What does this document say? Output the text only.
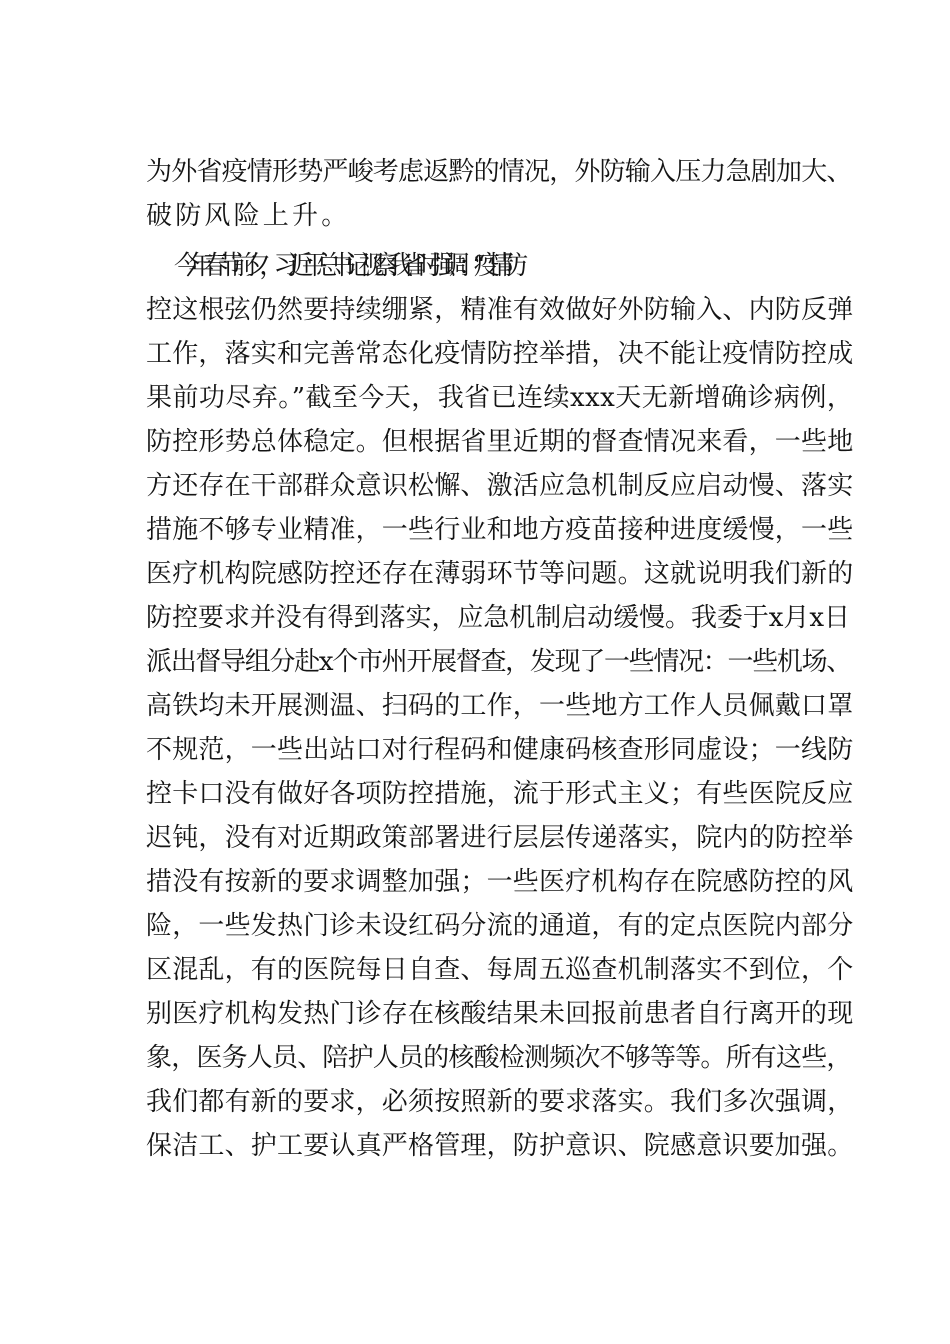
为外省疫情形势严峻考虑返黔的情况，外防输入压力急剧加大、
破防风险上升。
今年春节前夕，习近平总书记视察我省时强调：“疫情防
控这根弦仍然要持续绷紧，精准有效做好外防输入、内防反弹
工作，落实和完善常态化疫情防控举措，决不能让疫情防控成
果前功尽弃。”截至今天，我省已连续xxx天无新增确诊病例，
防控形势总体稳定。但根据省里近期的督查情况来看，一些地
方还存在干部群众意识松懈、激活应急机制反应启动慢、落实
措施不够专业精准，一些行业和地方疫苗接种进度缓慢，一些
医疗机构院感防控还存在薄弱环节等问题。这就说明我们新的
防控要求并没有得到落实，应急机制启动缓慢。我委于x月x日
派出督导组分赴x个市州开展督查，发现了一些情况：一些机场、
高铁均未开展测温、扫码的工作，一些地方工作人员佩戴口罩
不规范，一些出站口对行程码和健康码核查形同虚设；一线防
控卡口没有做好各项防控措施，流于形式主义；有些医院反应
迟钝，没有对近期政策部署进行层层传递落实，院内的防控举
措没有按新的要求调整加强；一些医疗机构存在院感防控的风
险，一些发热门诊未设红码分流的通道，有的定点医院内部分
区混乱，有的医院每日自查、每周五巡查机制落实不到位，个
别医疗机构发热门诊存在核酸结果未回报前患者自行离开的现
象，医务人员、陪护人员的核酸检测频次不够等等。所有这些，
我们都有新的要求，必须按照新的要求落实。我们多次强调，
保洁工、护工要认真严格管理，防护意识、院感意识要加强。
